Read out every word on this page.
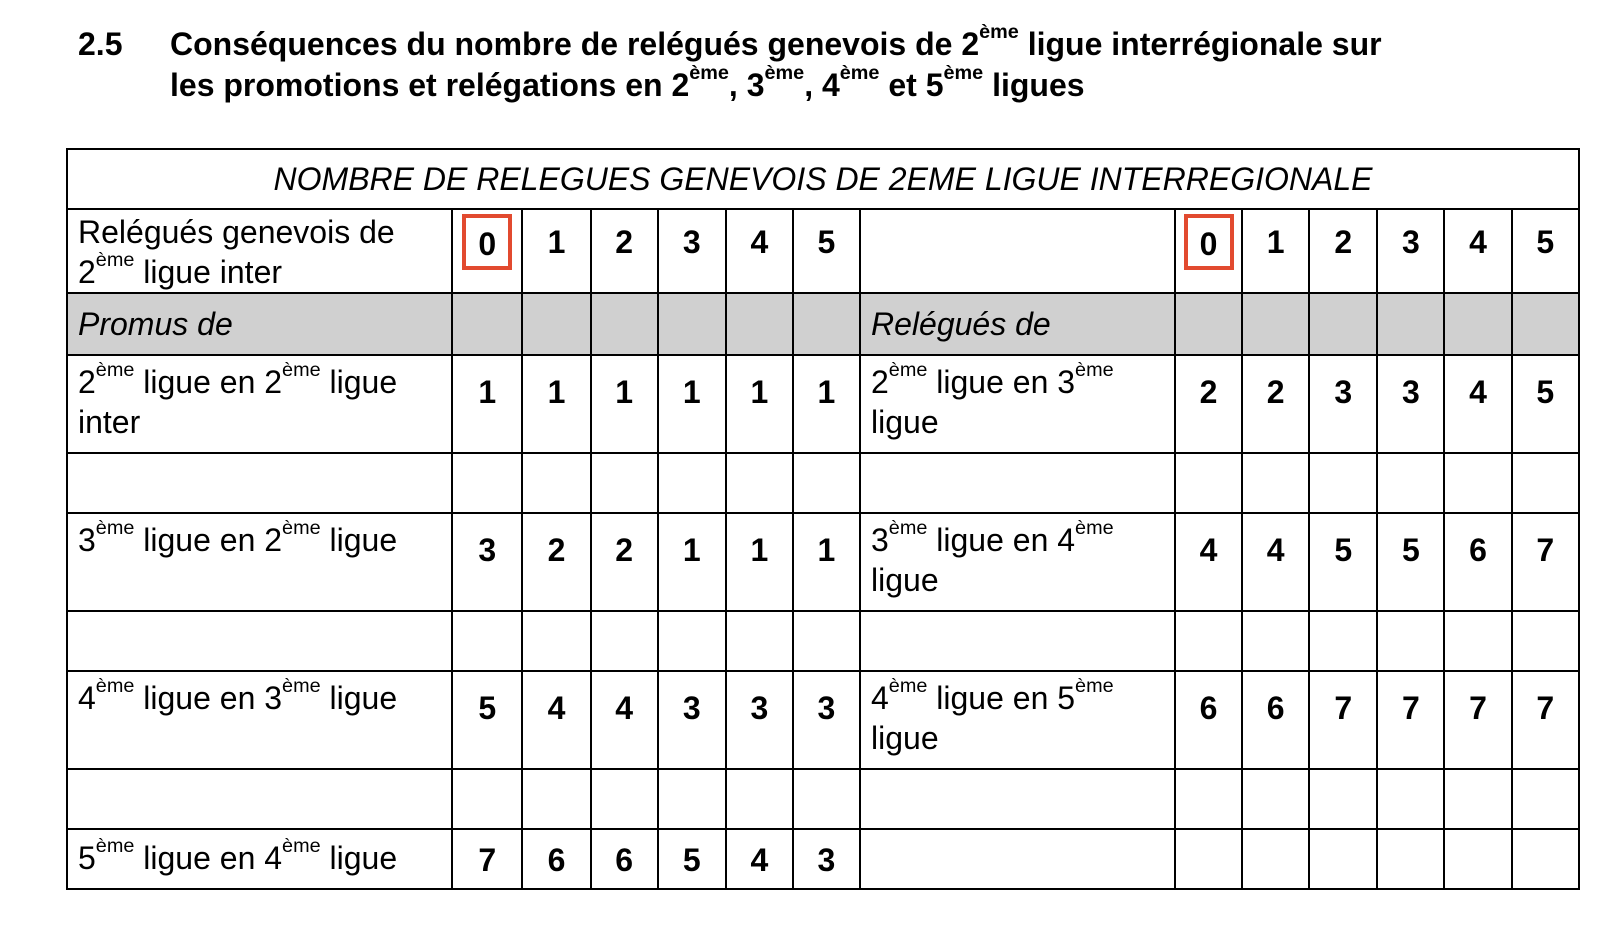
2.5 Conséquences du nombre de relégués genevois de 2ème ligue interrégionale sur
les promotions et relégations en 2ème, 3ème, 4ème et 5ème ligues
NOMBRE DE RELEGUES GENEVOIS DE 2EME LIGUE INTERREGIONALE													
Relégués genevois de
2ème ligue inter	0	1	2	3	4	5		0	1	2	3	4	5
Promus de							Relégués de						
2ème ligue en 2ème ligue inter	1	1	1	1	1	1	2ème ligue en 3ème ligue	2	2	3	3	4	5

3ème ligue en 2ème ligue	3	2	2	1	1	1	3ème ligue en 4ème ligue	4	4	5	5	6	7

4ème ligue en 3ème ligue	5	4	4	3	3	3	4ème ligue en 5ème ligue	6	6	7	7	7	7

5ème ligue en 4ème ligue	7	6	6	5	4	3							
